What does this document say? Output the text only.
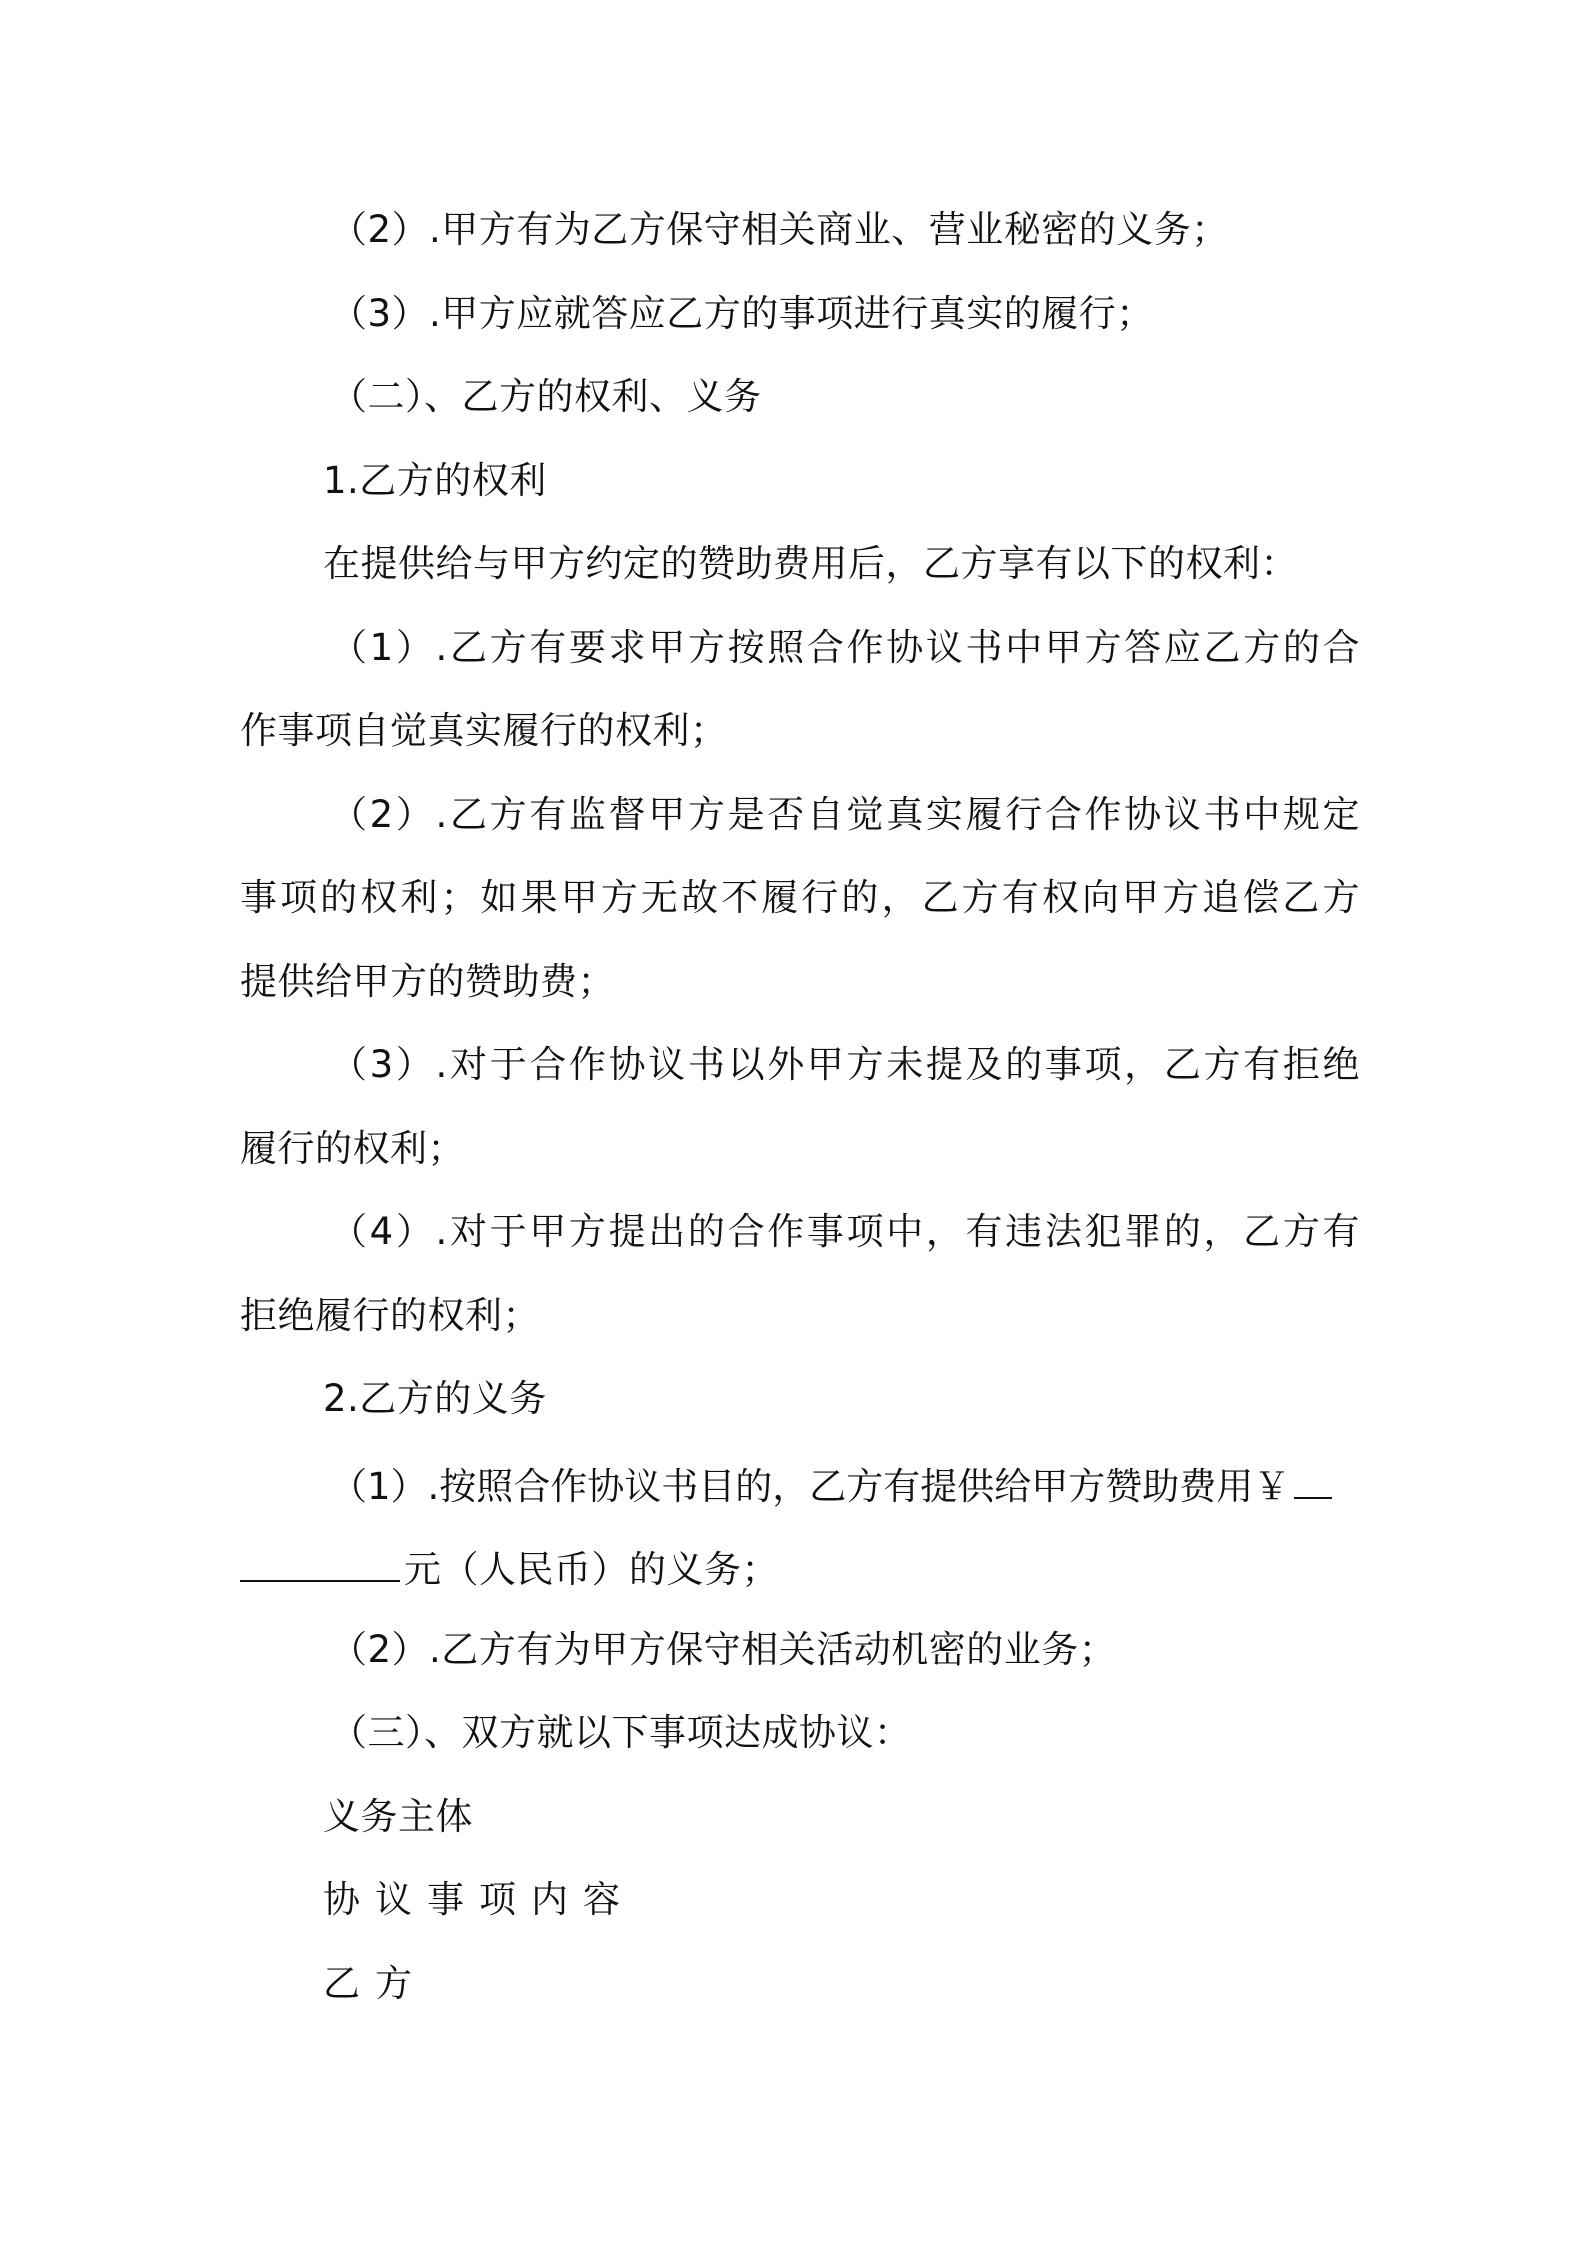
（2）.甲方有为乙方保守相关商业、营业秘密的义务；
（3）.甲方应就答应乙方的事项进行真实的履行；
（二）、乙方的权利、义务
1.乙方的权利
在提供给与甲方约定的赞助费用后，乙方享有以下的权利：
（1）.乙方有要求甲方按照合作协议书中甲方答应乙方的合
作事项自觉真实履行的权利；
（2）.乙方有监督甲方是否自觉真实履行合作协议书中规定
事项的权利；如果甲方无故不履行的，乙方有权向甲方追偿乙方
提供给甲方的赞助费；
（3）.对于合作协议书以外甲方未提及的事项，乙方有拒绝
履行的权利；
（4）.对于甲方提出的合作事项中，有违法犯罪的，乙方有
拒绝履行的权利；
2.乙方的义务
（1）.按照合作协议书目的，乙方有提供给甲方赞助费用￥
元（人民币）的义务；
（2）.乙方有为甲方保守相关活动机密的业务；
（三）、双方就以下事项达成协议：
义务主体
协议事项内容
乙方
